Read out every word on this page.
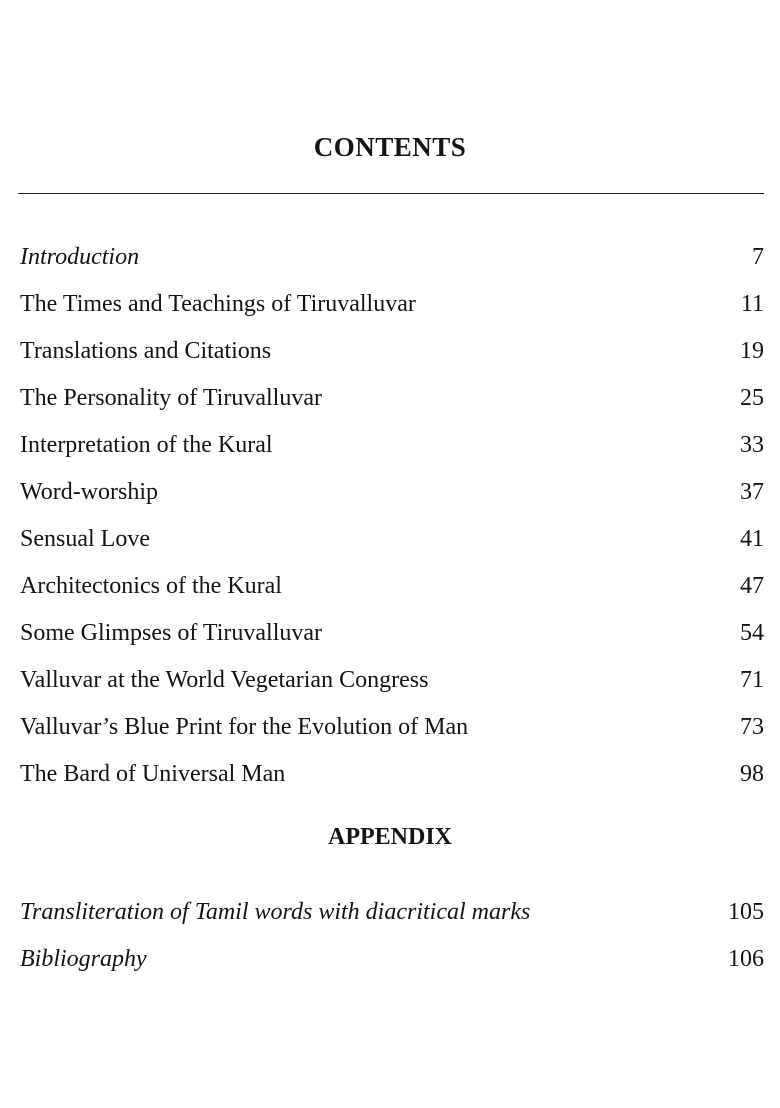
CONTENTS
Introduction	7
The Times and Teachings of Tiruvalluvar	11
Translations and Citations	19
The Personality of Tiruvalluvar	25
Interpretation of the Kural	33
Word-worship	37
Sensual Love	41
Architectonics of the Kural	47
Some Glimpses of Tiruvalluvar	54
Valluvar at the World Vegetarian Congress	71
Valluvar’s Blue Print for the Evolution of Man	73
The Bard of Universal Man	98
APPENDIX
Transliteration of Tamil words with diacritical marks	105
Bibliography	106
